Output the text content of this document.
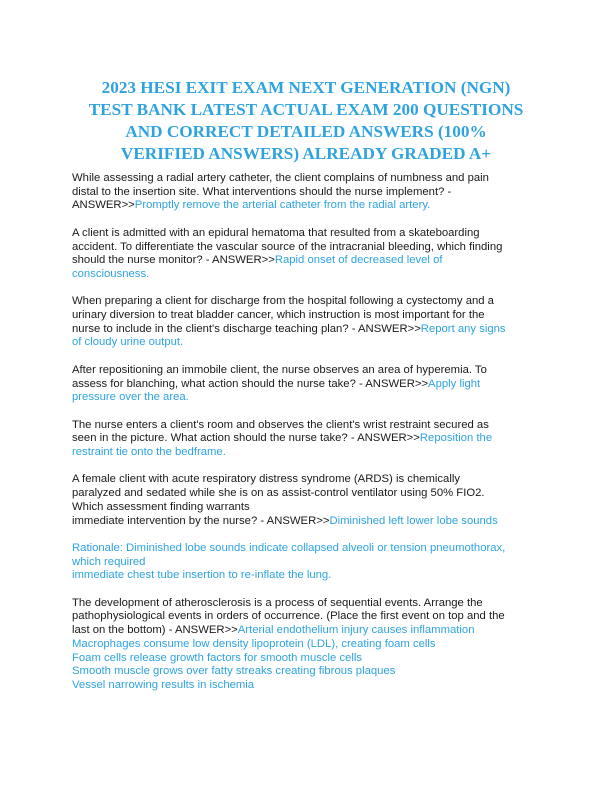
2023 HESI EXIT EXAM NEXT GENERATION (NGN)
TEST BANK LATEST ACTUAL EXAM 200 QUESTIONS
AND CORRECT DETAILED ANSWERS (100%
VERIFIED ANSWERS) ALREADY GRADED A+
While assessing a radial artery catheter, the client complains of numbness and pain
distal to the insertion site. What interventions should the nurse implement? -
ANSWER>>Promptly remove the arterial catheter from the radial artery.
A client is admitted with an epidural hematoma that resulted from a skateboarding
accident. To differentiate the vascular source of the intracranial bleeding, which finding
should the nurse monitor? - ANSWER>>Rapid onset of decreased level of
consciousness.
When preparing a client for discharge from the hospital following a cystectomy and a
urinary diversion to treat bladder cancer, which instruction is most important for the
nurse to include in the client's discharge teaching plan? - ANSWER>>Report any signs
of cloudy urine output.
After repositioning an immobile client, the nurse observes an area of hyperemia. To
assess for blanching, what action should the nurse take? - ANSWER>>Apply light
pressure over the area.
The nurse enters a client's room and observes the client's wrist restraint secured as
seen in the picture. What action should the nurse take? - ANSWER>>Reposition the
restraint tie onto the bedframe.
A female client with acute respiratory distress syndrome (ARDS) is chemically
paralyzed and sedated while she is on as assist-control ventilator using 50% FIO2.
Which assessment finding warrants
immediate intervention by the nurse? - ANSWER>>Diminished left lower lobe sounds
Rationale: Diminished lobe sounds indicate collapsed alveoli or tension pneumothorax,
which required
immediate chest tube insertion to re-inflate the lung.
The development of atherosclerosis is a process of sequential events. Arrange the
pathophysiological events in orders of occurrence. (Place the first event on top and the
last on the bottom) - ANSWER>>Arterial endothelium injury causes inflammation
Macrophages consume low density lipoprotein (LDL), creating foam cells
Foam cells release growth factors for smooth muscle cells
Smooth muscle grows over fatty streaks creating fibrous plaques
Vessel narrowing results in ischemia
